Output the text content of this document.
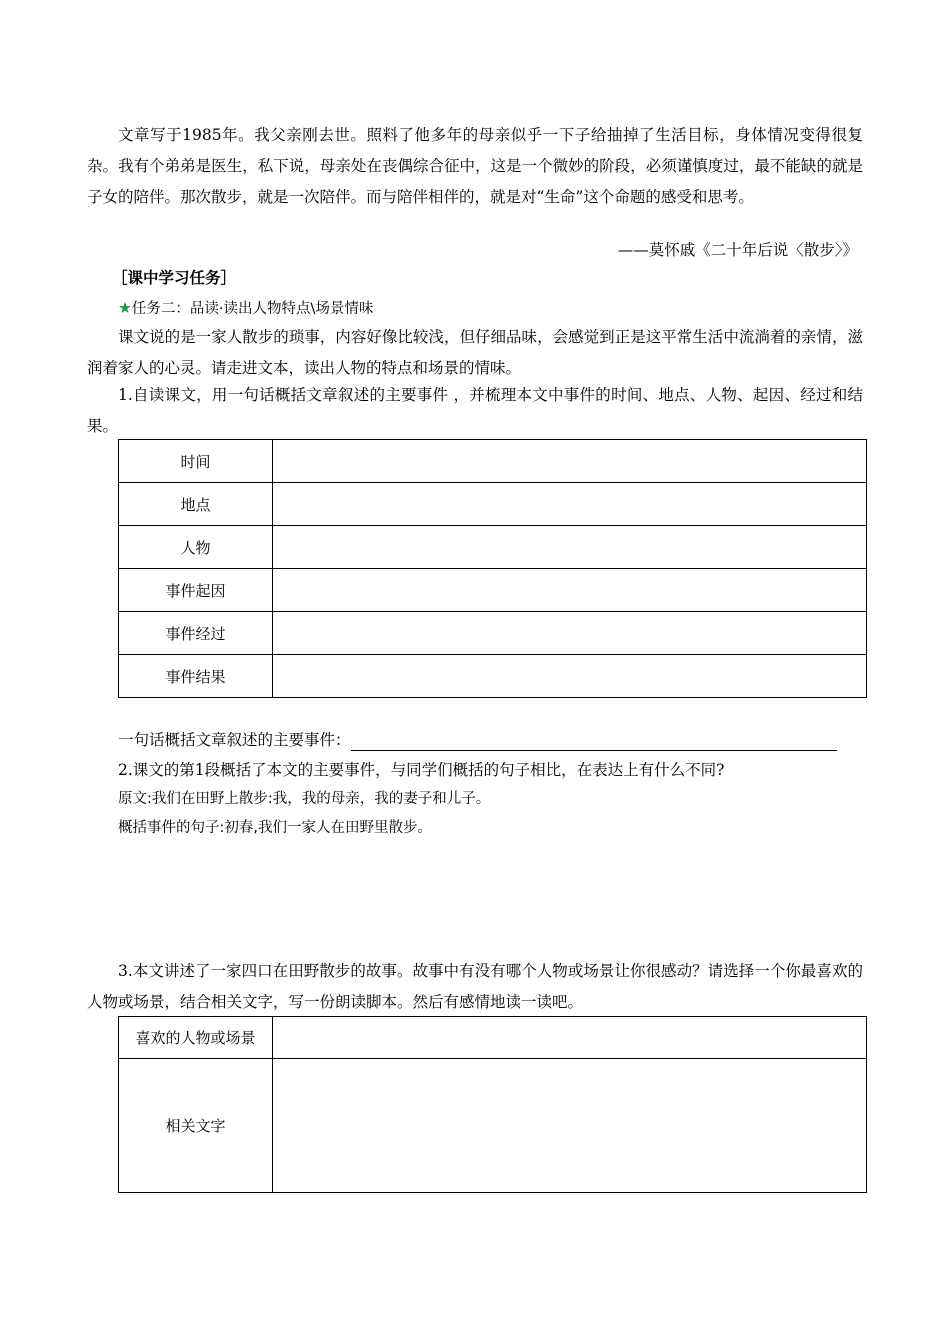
文章写于1985年。我父亲刚去世。照料了他多年的母亲似乎一下子给抽掉了生活目标，身体情况变得很复杂。我有个弟弟是医生，私下说，母亲处在丧偶综合征中，这是一个微妙的阶段，必须谨慎度过，最不能缺的就是子女的陪伴。那次散步，就是一次陪伴。而与陪伴相伴的，就是对“生命”这个命题的感受和思考。
——莫怀戚《二十年后说〈散步〉》
［课中学习任务］
★任务二：品读·读出人物特点\场景情味
课文说的是一家人散步的琐事，内容好像比较浅，但仔细品味，会感觉到正是这平常生活中流淌着的亲情，滋润着家人的心灵。请走进文本，读出人物的特点和场景的情味。
1.自读课文，用一句话概括文章叙述的主要事件 ，并梳理本文中事件的时间、地点、人物、起因、经过和结果。
时间	
地点	
人物	
事件起因	
事件经过	
事件结果	
一句话概括文章叙述的主要事件：
2.课文的第1段概括了本文的主要事件，与同学们概括的句子相比，在表达上有什么不同?
原文:我们在田野上散步:我，我的母亲，我的妻子和儿子。
概括事件的句子:初春,我们一家人在田野里散步。
3.本文讲述了一家四口在田野散步的故事。故事中有没有哪个人物或场景让你很感动？请选择一个你最喜欢的人物或场景，结合相关文字，写一份朗读脚本。然后有感情地读一读吧。
喜欢的人物或场景	
相关文字	
